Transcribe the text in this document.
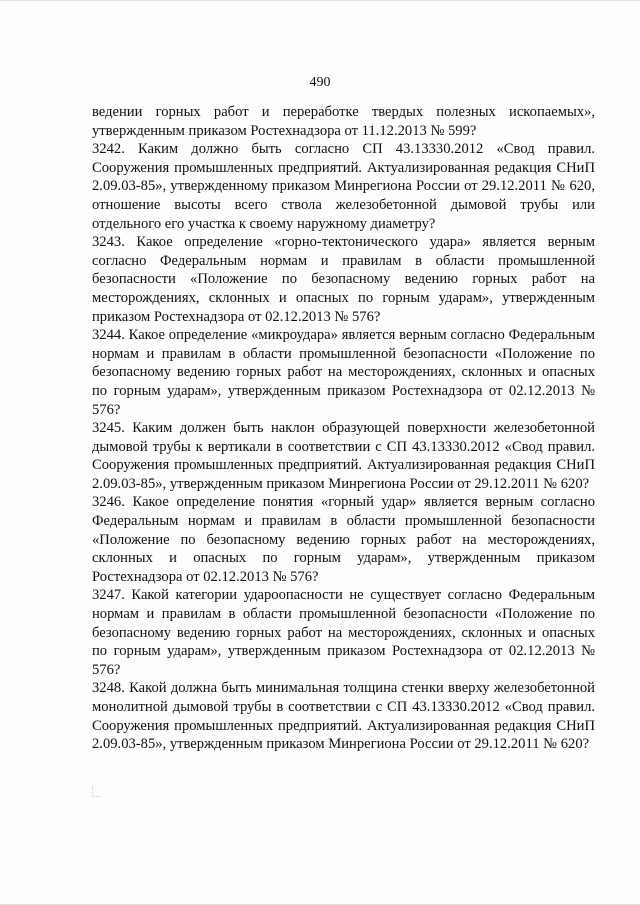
490

ведении горных работ и переработке твердых полезных ископаемых», утвержденным приказом Ростехнадзора от 11.12.2013 № 599?

3242. Каким должно быть согласно СП 43.13330.2012 «Свод правил. Сооружения промышленных предприятий. Актуализированная редакция СНиП 2.09.03-85», утвержденному приказом Минрегиона России от 29.12.2011 № 620, отношение высоты всего ствола железобетонной дымовой трубы или отдельного его участка к своему наружному диаметру?

3243. Какое определение «горно-тектонического удара» является верным согласно Федеральным нормам и правилам в области промышленной безопасности «Положение по безопасному ведению горных работ на месторождениях, склонных и опасных по горным ударам», утвержденным приказом Ростехнадзора от 02.12.2013 № 576?

3244. Какое определение «микроудара» является верным согласно Федеральным нормам и правилам в области промышленной безопасности «Положение по безопасному ведению горных работ на месторождениях, склонных и опасных по горным ударам», утвержденным приказом Ростехнадзора от 02.12.2013 № 576?

3245. Каким должен быть наклон образующей поверхности железобетонной дымовой трубы к вертикали в соответствии с СП 43.13330.2012 «Свод правил. Сооружения промышленных предприятий. Актуализированная редакция СНиП 2.09.03-85», утвержденным приказом Минрегиона России от 29.12.2011 № 620?

3246. Какое определение понятия «горный удар» является верным согласно Федеральным нормам и правилам в области промышленной безопасности «Положение по безопасному ведению горных работ на месторождениях, склонных и опасных по горным ударам», утвержденным приказом Ростехнадзора от 02.12.2013 № 576?

3247. Какой категории удароопасности не существует согласно Федеральным нормам и правилам в области промышленной безопасности «Положение по безопасному ведению горных работ на месторождениях, склонных и опасных по горным ударам», утвержденным приказом Ростехнадзора от 02.12.2013 № 576?

3248. Какой должна быть минимальная толщина стенки вверху железобетонной монолитной дымовой трубы в соответствии с СП 43.13330.2012 «Свод правил. Сооружения промышленных предприятий. Актуализированная редакция СНиП 2.09.03-85», утвержденным приказом Минрегиона России от 29.12.2011 № 620?
